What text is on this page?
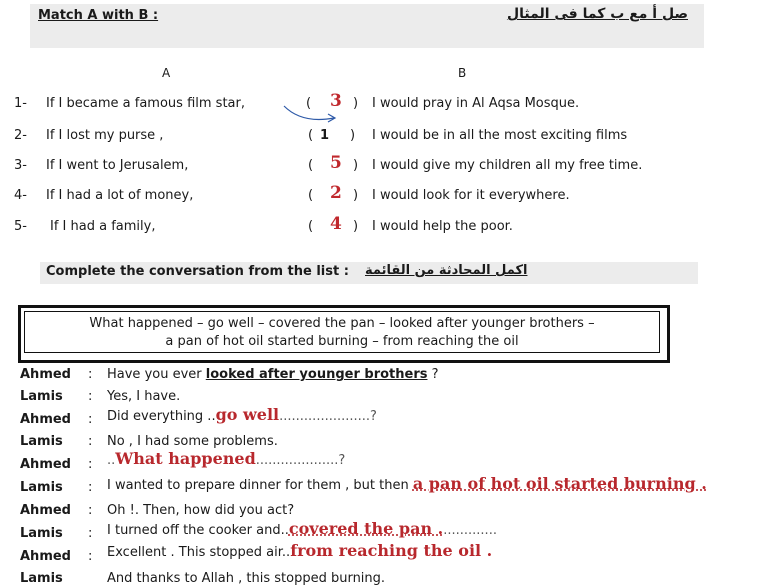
Match A with B :	صل أ مع ب كما فى المثال
A	B
1- If I became a famous film star,	( 3 ) I would pray in Al Aqsa Mosque.
2- If I lost my purse ,	( 1 ) I would be in all the most exciting films
3- If I went to Jerusalem,	( 5 ) I would give my children all my free time.
4- If I had a lot of money,	( 2 ) I would look for it everywhere.
5- If I had a family,	( 4 ) I would help the poor.
Complete the conversation from the list : اكمل المحادثة من القائمة
What happened – go well – covered the pan – looked after younger brothers –
a pan of hot oil started burning – from reaching the oil
Ahmed : Have you ever looked after younger brothers ?
Lamis : Yes, I have.
Ahmed : Did everything ..go well......................?
Lamis : No , I had some problems.
Ahmed : ..What happened....................?
Lamis : I wanted to prepare dinner for them , but then a pan of hot oil started burning .
Ahmed : Oh !. Then, how did you act?
Lamis : I turned off the cooker and..covered the pan ..............
Ahmed : Excellent . This stopped air..from reaching the oil .
Lamis	And thanks to Allah , this stopped burning.
